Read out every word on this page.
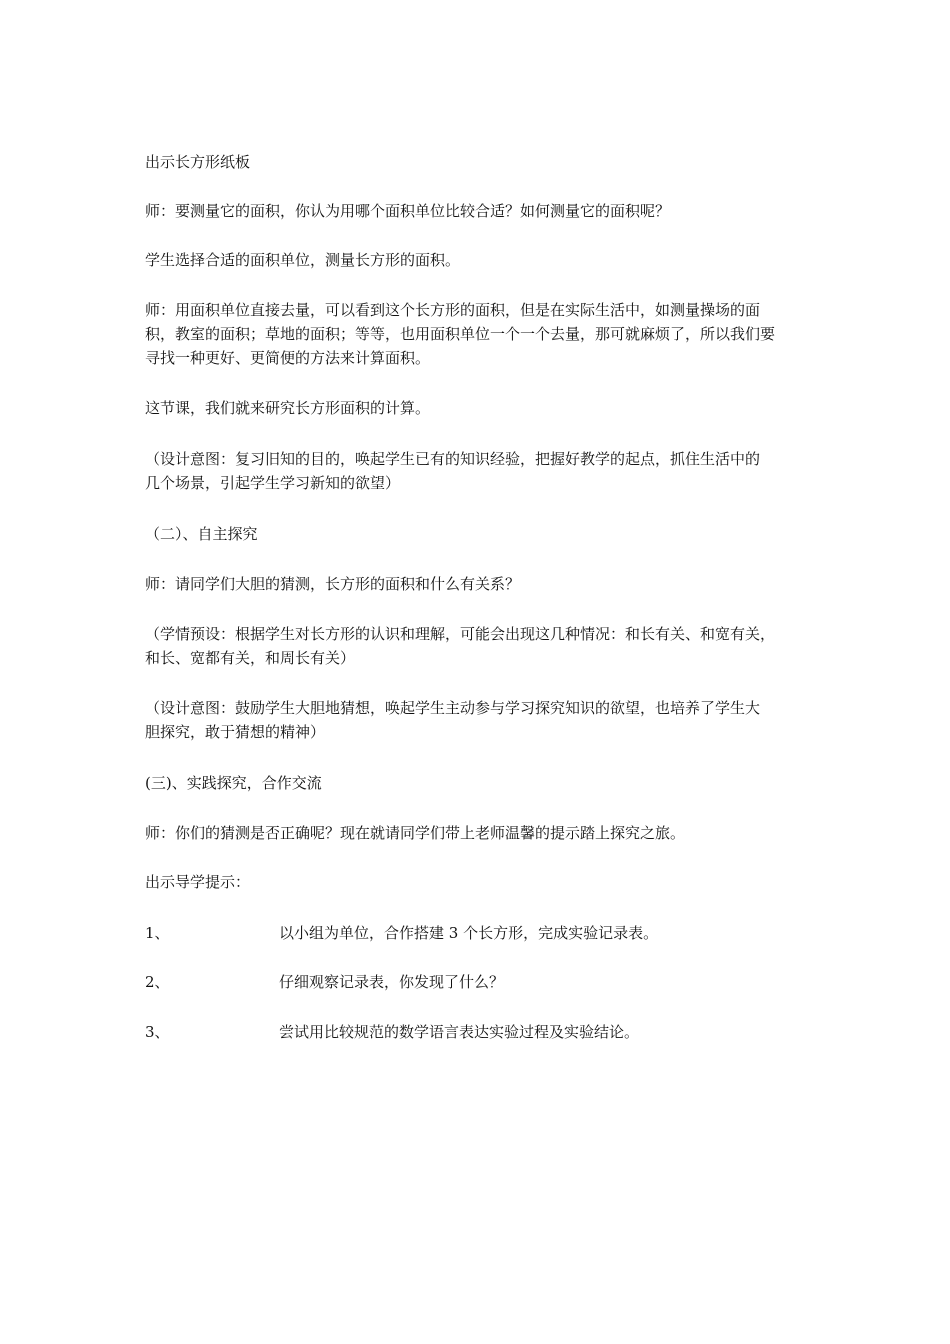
出示长方形纸板
师：要测量它的面积，你认为用哪个面积单位比较合适？如何测量它的面积呢？
学生选择合适的面积单位，测量长方形的面积。
师：用面积单位直接去量，可以看到这个长方形的面积，但是在实际生活中，如测量操场的面
积，教室的面积；草地的面积；等等，也用面积单位一个一个去量，那可就麻烦了，所以我们要
寻找一种更好、更简便的方法来计算面积。
这节课，我们就来研究长方形面积的计算。
（设计意图：复习旧知的目的，唤起学生已有的知识经验，把握好教学的起点，抓住生活中的
几个场景，引起学生学习新知的欲望）
（二）、自主探究
师：请同学们大胆的猜测，长方形的面积和什么有关系？
（学情预设：根据学生对长方形的认识和理解，可能会出现这几种情况：和长有关、和宽有关，
和长、宽都有关，和周长有关）
（设计意图：鼓励学生大胆地猜想，唤起学生主动参与学习探究知识的欲望，也培养了学生大
胆探究，敢于猜想的精神）
(三)、实践探究，合作交流
师：你们的猜测是否正确呢？现在就请同学们带上老师温馨的提示踏上探究之旅。
出示导学提示：
1、	以小组为单位，合作搭建 3 个长方形，完成实验记录表。
2、	仔细观察记录表，你发现了什么？
3、	尝试用比较规范的数学语言表达实验过程及实验结论。
